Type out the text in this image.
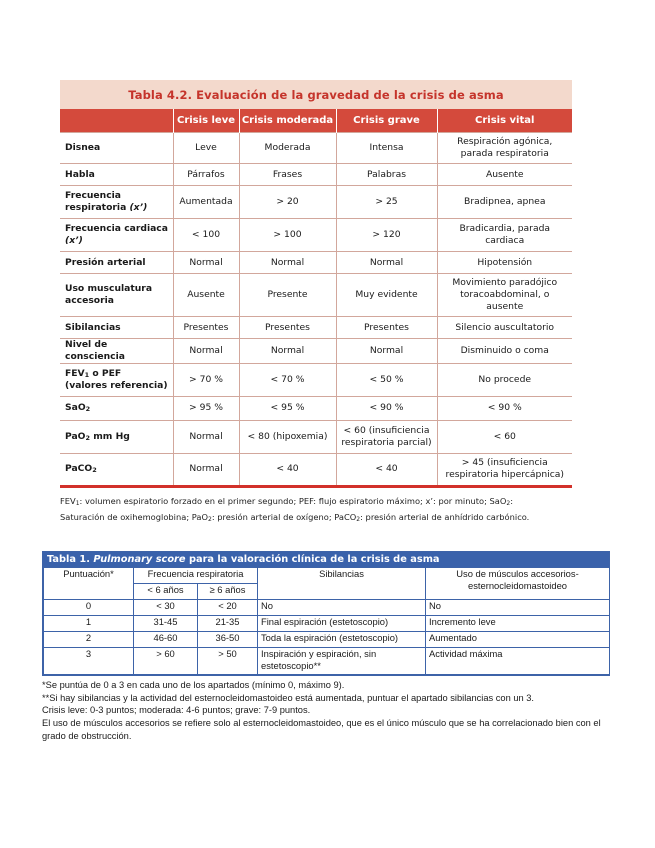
Tabla 4.2. Evaluación de la gravedad de la crisis de asma
	Crisis leve	Crisis moderada	Crisis grave	Crisis vital
Disnea	Leve	Moderada	Intensa	Respiración agónica, parada respiratoria
Habla	Párrafos	Frases	Palabras	Ausente
Frecuencia respiratoria (x’)	Aumentada	> 20	> 25	Bradipnea, apnea
Frecuencia cardiaca (x’)	< 100	> 100	> 120	Bradicardia, parada cardiaca
Presión arterial	Normal	Normal	Normal	Hipotensión
Uso musculatura accesoria	Ausente	Presente	Muy evidente	Movimiento paradójico toracoabdominal, o ausente
Sibilancias	Presentes	Presentes	Presentes	Silencio auscultatorio
Nivel de consciencia	Normal	Normal	Normal	Disminuido o coma
$FEV_1$ o PEF
(valores referencia)	> 70 %	< 70 %	< 50 %	No procede
SaO$_2$	> 95 %	< 95 %	< 90 %	< 90 %
PaO$_2$ mm Hg	Normal	< 80 (hipoxemia)	< 60 (insuficiencia respiratoria parcial)	< 60
PaCO$_2$	Normal	< 40	< 40	> 45 (insuficiencia respiratoria hipercápnica)
$FEV_1$: volumen espiratorio forzado en el primer segundo; PEF: flujo espiratorio máximo; x’: por minuto; SaO$_2$:
Saturación de oxihemoglobina; PaO$_2$: presión arterial de oxígeno; PaCO$_2$: presión arterial de anhídrido carbónico.
Tabla 1. Pulmonary score para la valoración clínica de la crisis de asma
Puntuación*	Frecuencia respiratoria		Sibilancias	Uso de músculos accesorios-
esternocleidomastoideo
	< 6 años	≥ 6 años		
0	< 30	< 20	No	No
1	31-45	21-35	Final espiración (estetoscopio)	Incremento leve
2	46-60	36-50	Toda la espiración (estetoscopio)	Aumentado
3	> 60	> 50	Inspiración y espiración, sin
estetoscopio**	Actividad máxima

*Se puntúa de 0 a 3 en cada uno de los apartados (mínimo 0, máximo 9).

**Si hay sibilancias y la actividad del esternocleidomastoideo está aumentada, puntuar el apartado sibilancias con un 3.

Crisis leve: 0-3 puntos; moderada: 4-6 puntos; grave: 7-9 puntos.

El uso de músculos accesorios se refiere solo al esternocleidomastoideo, que es el único músculo que se ha correlacionado bien con el grado de obstrucción.
